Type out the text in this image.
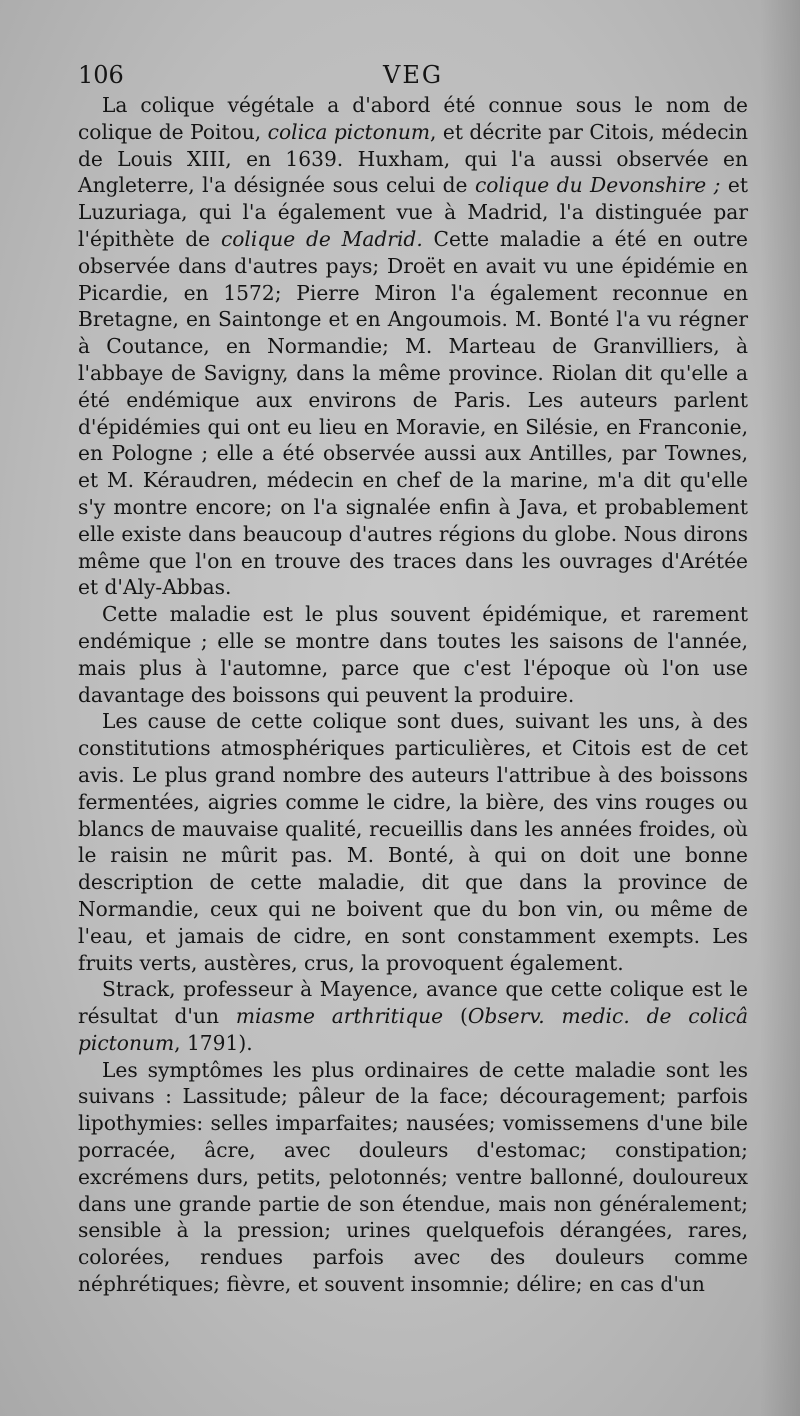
106	VEG

La colique végétale a d'abord été connue sous le nom de colique de Poitou, colica pictonum, et décrite par Citois, médecin de Louis XIII, en 1639. Huxham, qui l'a aussi observée en Angleterre, l'a désignée sous celui de colique du Devonshire ; et Luzuriaga, qui l'a également vue à Madrid, l'a distinguée par l'épithète de colique de Madrid. Cette maladie a été en outre observée dans d'autres pays; Droët en avait vu une épidémie en Picardie, en 1572; Pierre Miron l'a également reconnue en Bretagne, en Saintonge et en Angoumois. M. Bonté l'a vu régner à Coutance, en Normandie; M. Marteau de Granvilliers, à l'abbaye de Savigny, dans la même province. Riolan dit qu'elle a été endémique aux environs de Paris. Les auteurs parlent d'épidémies qui ont eu lieu en Moravie, en Silésie, en Franconie, en Pologne ; elle a été observée aussi aux Antilles, par Townes, et M. Kéraudren, médecin en chef de la marine, m'a dit qu'elle s'y montre encore; on l'a signalée enfin à Java, et probablement elle existe dans beaucoup d'autres régions du globe. Nous dirons même que l'on en trouve des traces dans les ouvrages d'Arétée et d'Aly-Abbas.

Cette maladie est le plus souvent épidémique, et rarement endémique ; elle se montre dans toutes les saisons de l'année, mais plus à l'automne, parce que c'est l'époque où l'on use davantage des boissons qui peuvent la produire.

Les cause de cette colique sont dues, suivant les uns, à des constitutions atmosphériques particulières, et Citois est de cet avis. Le plus grand nombre des auteurs l'attribue à des boissons fermentées, aigries comme le cidre, la bière, des vins rouges ou blancs de mauvaise qualité, recueillis dans les années froides, où le raisin ne mûrit pas. M. Bonté, à qui on doit une bonne description de cette maladie, dit que dans la province de Normandie, ceux qui ne boivent que du bon vin, ou même de l'eau, et jamais de cidre, en sont constamment exempts. Les fruits verts, austères, crus, la provoquent également.

Strack, professeur à Mayence, avance que cette colique est le résultat d'un miasme arthritique (Observ. medic. de colicâ pictonum, 1791).

Les symptômes les plus ordinaires de cette maladie sont les suivans : Lassitude; pâleur de la face; découragement; parfois lipothymies: selles imparfaites; nausées; vomissemens d'une bile porracée, âcre, avec douleurs d'estomac; constipation; excrémens durs, petits, pelotonnés; ventre ballonné, douloureux dans une grande partie de son étendue, mais non généralement; sensible à la pression; urines quelquefois dérangées, rares, colorées, rendues parfois avec des douleurs comme néphrétiques; fièvre, et souvent insomnie; délire; en cas d'un
